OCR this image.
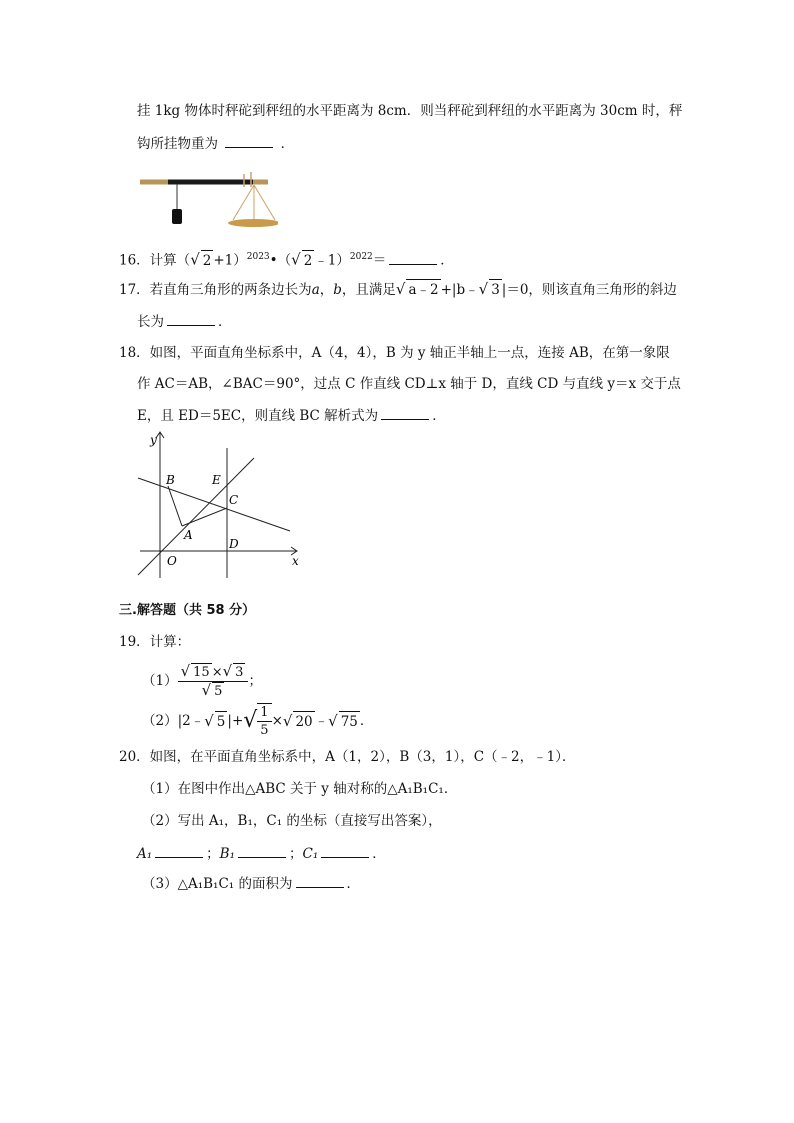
挂 1kg 物体时秤砣到秤纽的水平距离为 8cm．则当秤砣到秤纽的水平距离为 30cm 时，秤
钩所挂物重为	．
16．计算（√ 2 +1）$^{2023}$•（√ 2 ﹣1）$^{2022}$＝	．
17．若直角三角形的两条边长为a，b，且满足√ a﹣2 +|b﹣√ 3 |＝0，则该直角三角形的斜边
长为	．
18．如图，平面直角坐标系中，A（4，4），B 为 y 轴正半轴上一点，连接 AB，在第一象限
作 AC＝AB，∠BAC＝90°，过点 C 作直线 CD⊥x 轴于 D，直线 CD 与直线 y＝x 交于点
E，且 ED＝5EC，则直线 BC 解析式为	．
y
x
B	E
C
A
O
D
三.解答题（共 58 分）
19．计算：
$(1) \frac{√ 15 \times√ 3}{√ 5}$ ；
（2）|2﹣ √ 5 |+ √ $\frac{1}{5}$ × √ 20 ﹣ √ 75 ．
20．如图，在平面直角坐标系中，A（1，2），B（3，1），C（﹣2，﹣1）．
（1）在图中作出△ABC 关于 y 轴对称的△A₁B₁C₁．
（2）写出 A₁，B₁，C₁ 的坐标（直接写出答案），
A₁	；B₁	；C₁	．
（3）△A₁B₁C₁ 的面积为	．
